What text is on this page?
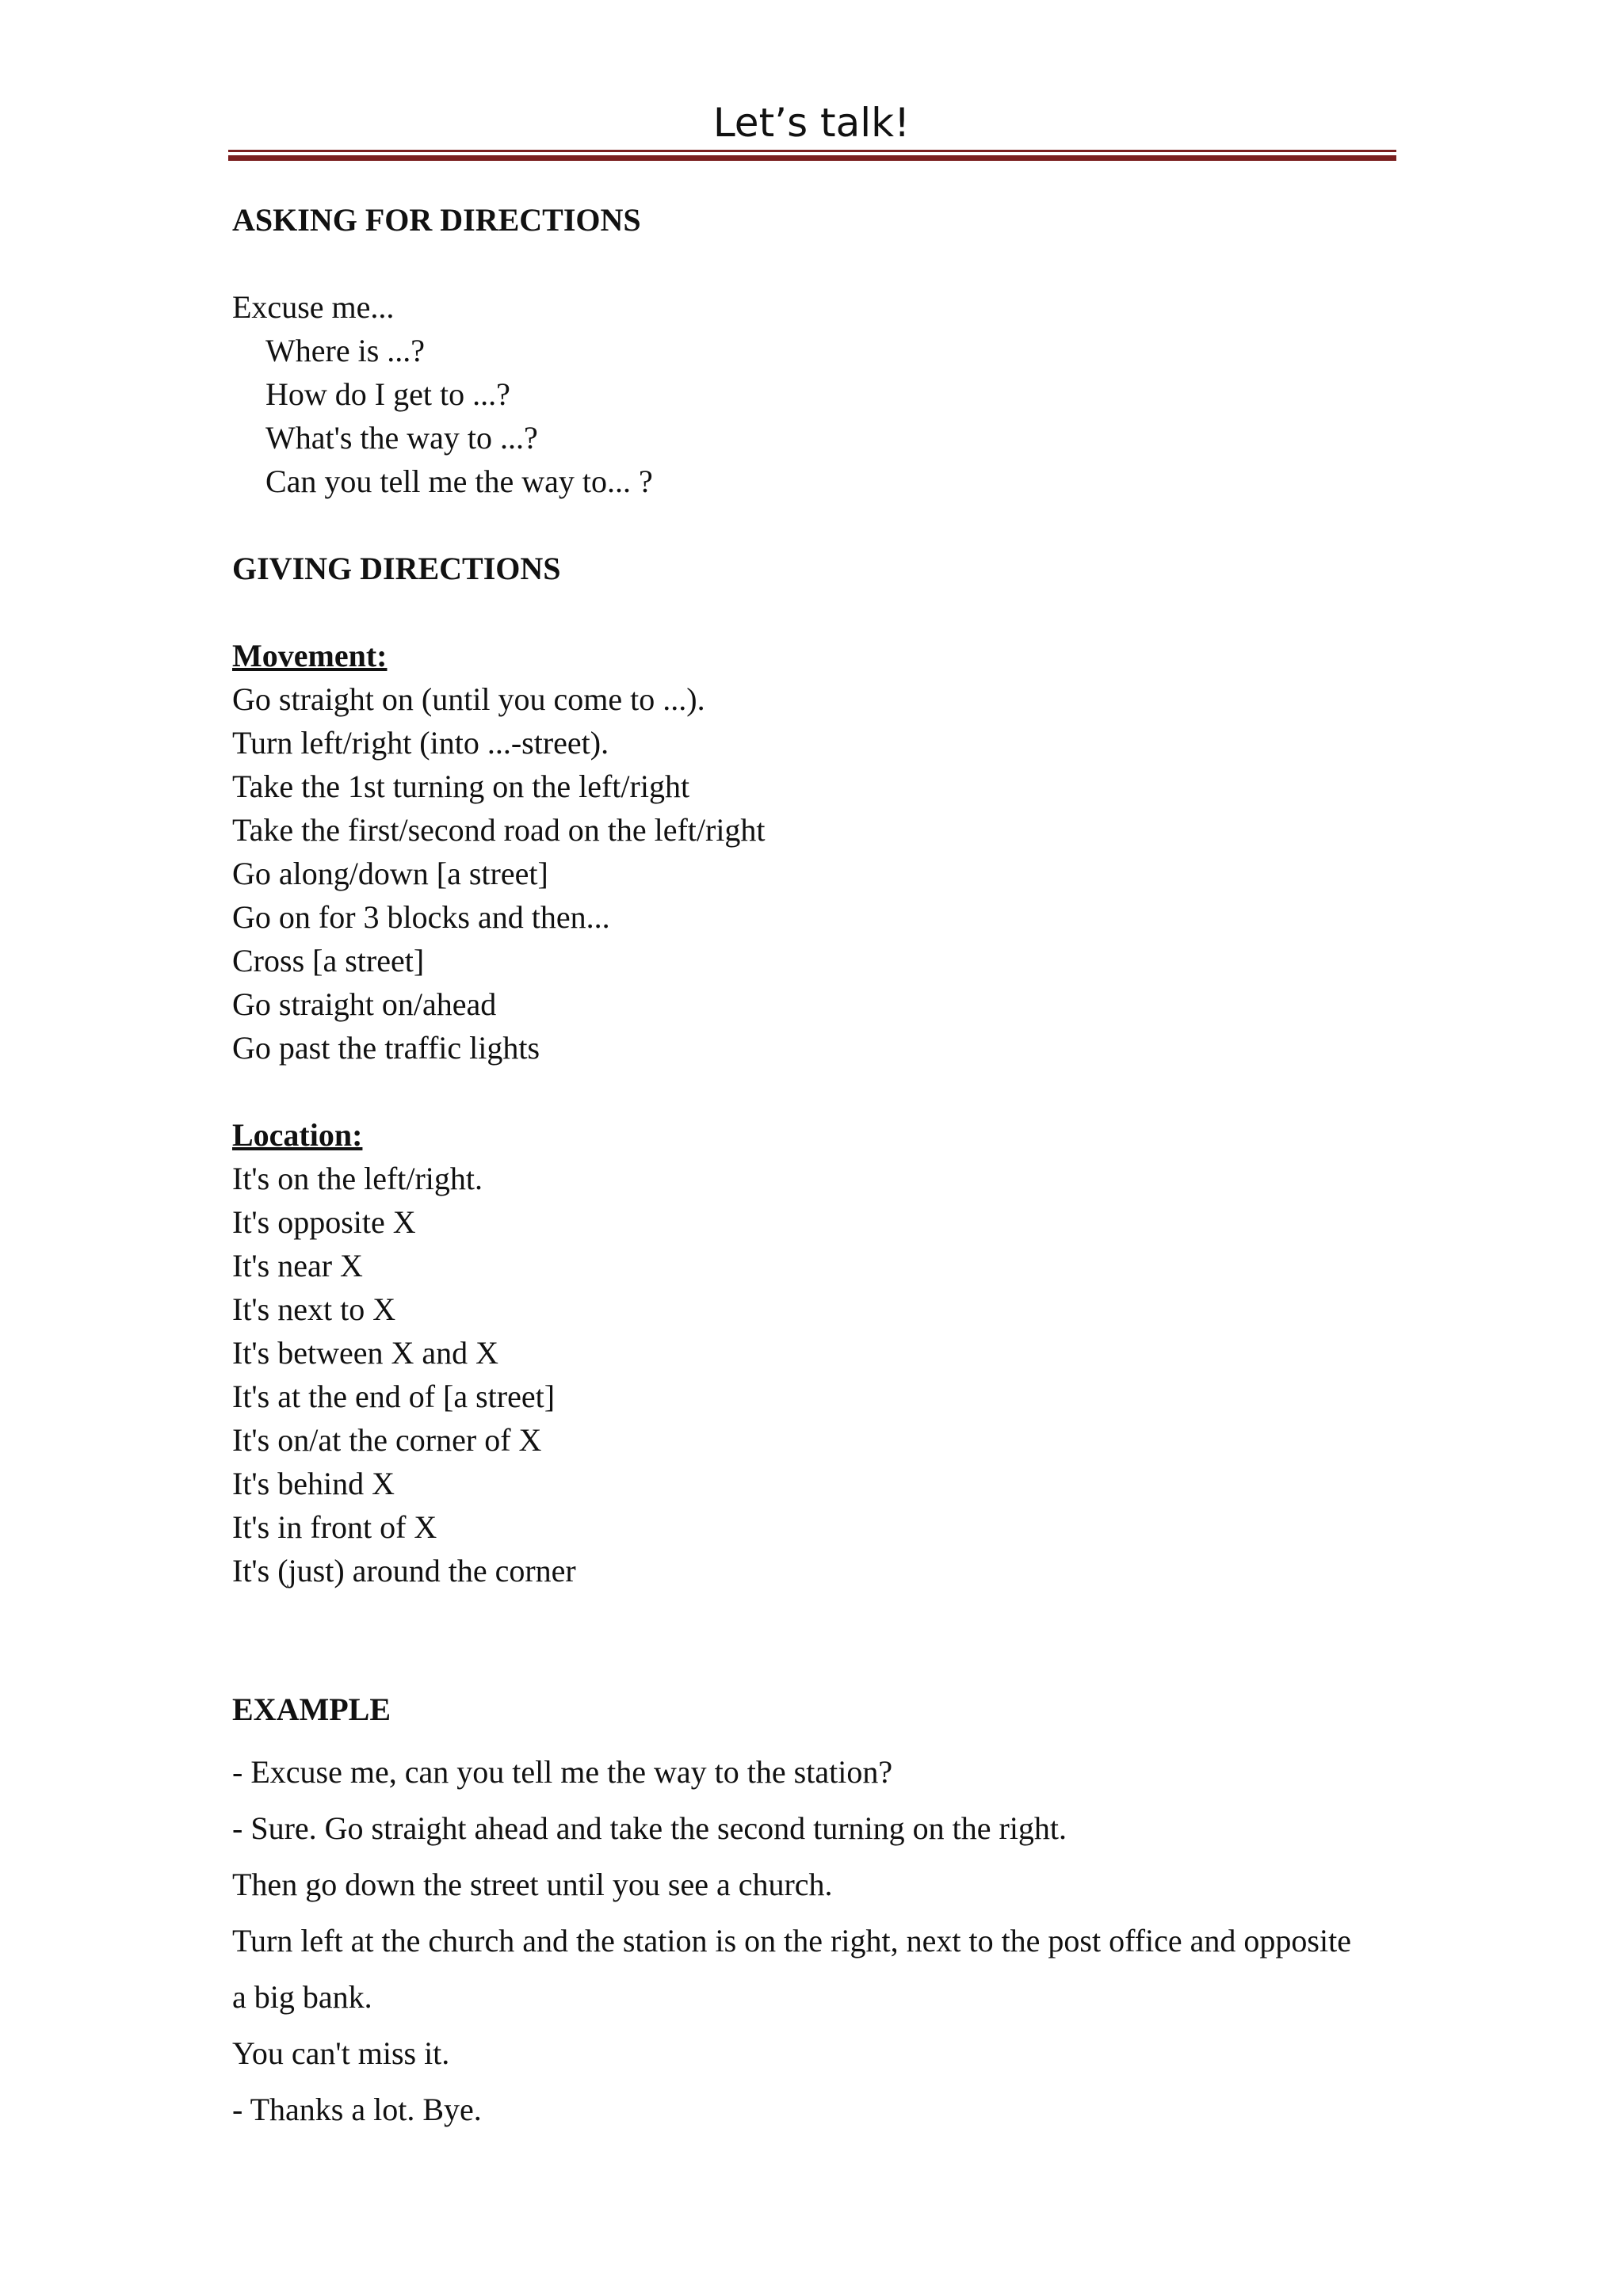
Let’s talk!
ASKING FOR DIRECTIONS
Excuse me...
Where is ...?
How do I get to ...?
What's the way to ...?
Can you tell me the way to... ?
GIVING DIRECTIONS
Movement:
Go straight on (until you come to ...).
Turn left/right (into ...-street).
Take the 1st turning on the left/right
Take the first/second road on the left/right
Go along/down [a street]
Go on for 3 blocks and then...
Cross [a street]
Go straight on/ahead
Go past the traffic lights
Location:
It's on the left/right.
It's opposite X
It's near X
It's next to X
It's between X and X
It's at the end of [a street]
It's on/at the corner of X
It's behind X
It's in front of X
It's (just) around the corner
EXAMPLE
- Excuse me, can you tell me the way to the station?
- Sure. Go straight ahead and take the second turning on the right.
Then go down the street until you see a church.
Turn left at the church and the station is on the right, next to the post office and opposite
a big bank.
You can't miss it.
- Thanks a lot. Bye.
